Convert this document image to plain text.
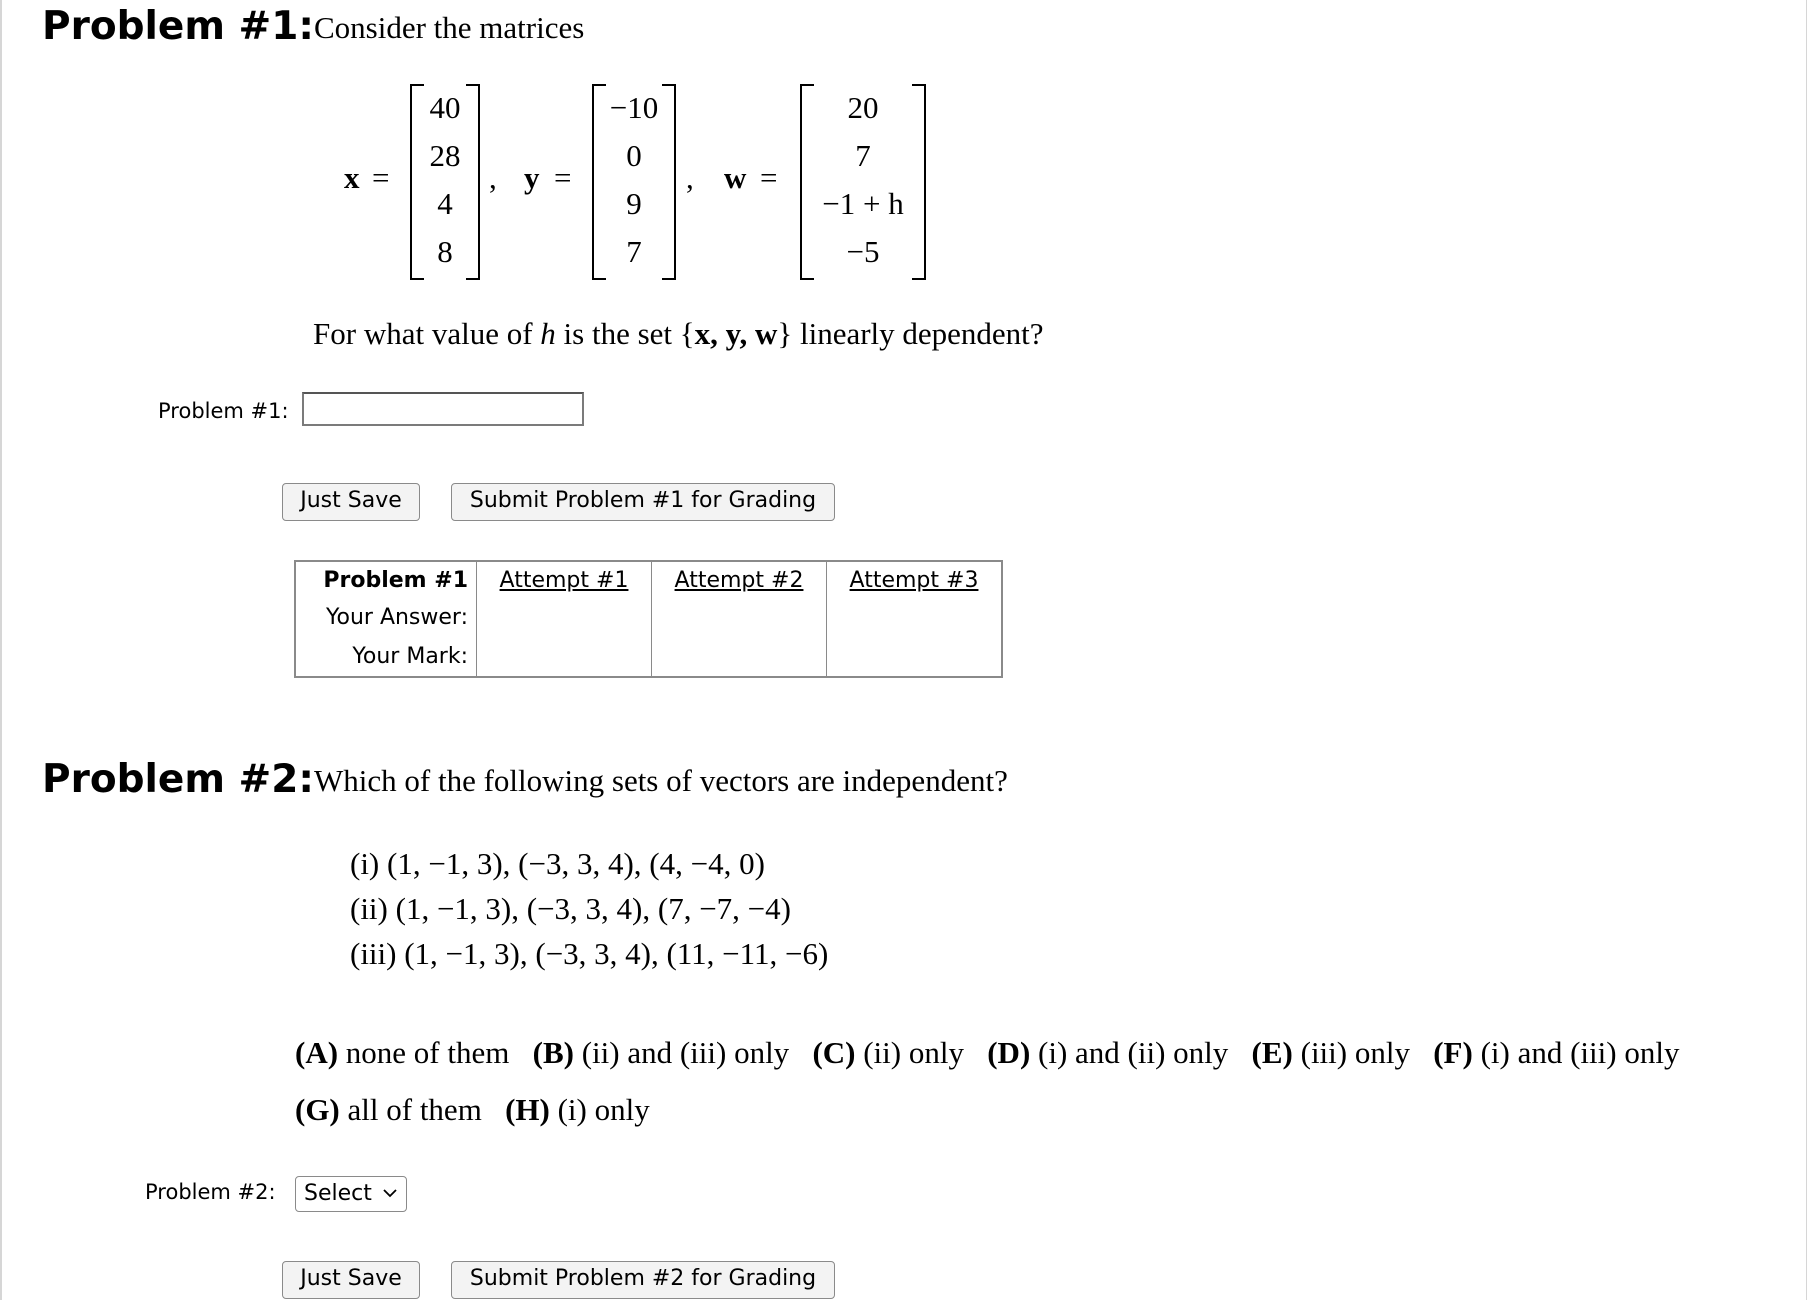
Problem #1: Consider the matrices
x =
40
28
4
8
, y =
−10
0
9
7
, w =
20
7
−1 + h
−5
For what value of h is the set {x, y, w} linearly dependent?
Problem #1:
Just Save	Submit Problem #1 for Grading
Problem #1	Attempt #1	Attempt #2	Attempt #3
Your Answer:			
Your Mark:			
Problem #2: Which of the following sets of vectors are independent?
(i) (1, −1, 3), (−3, 3, 4), (4, −4, 0)
(ii) (1, −1, 3), (−3, 3, 4), (7, −7, −4)
(iii) (1, −1, 3), (−3, 3, 4), (11, −11, −6)
(A) none of them (B) (ii) and (iii) only (C) (ii) only (D) (i) and (ii) only (E) (iii) only (F) (i) and (iii) only
(G) all of them (H) (i) only
Problem #2:	Select
Just Save	Submit Problem #2 for Grading
